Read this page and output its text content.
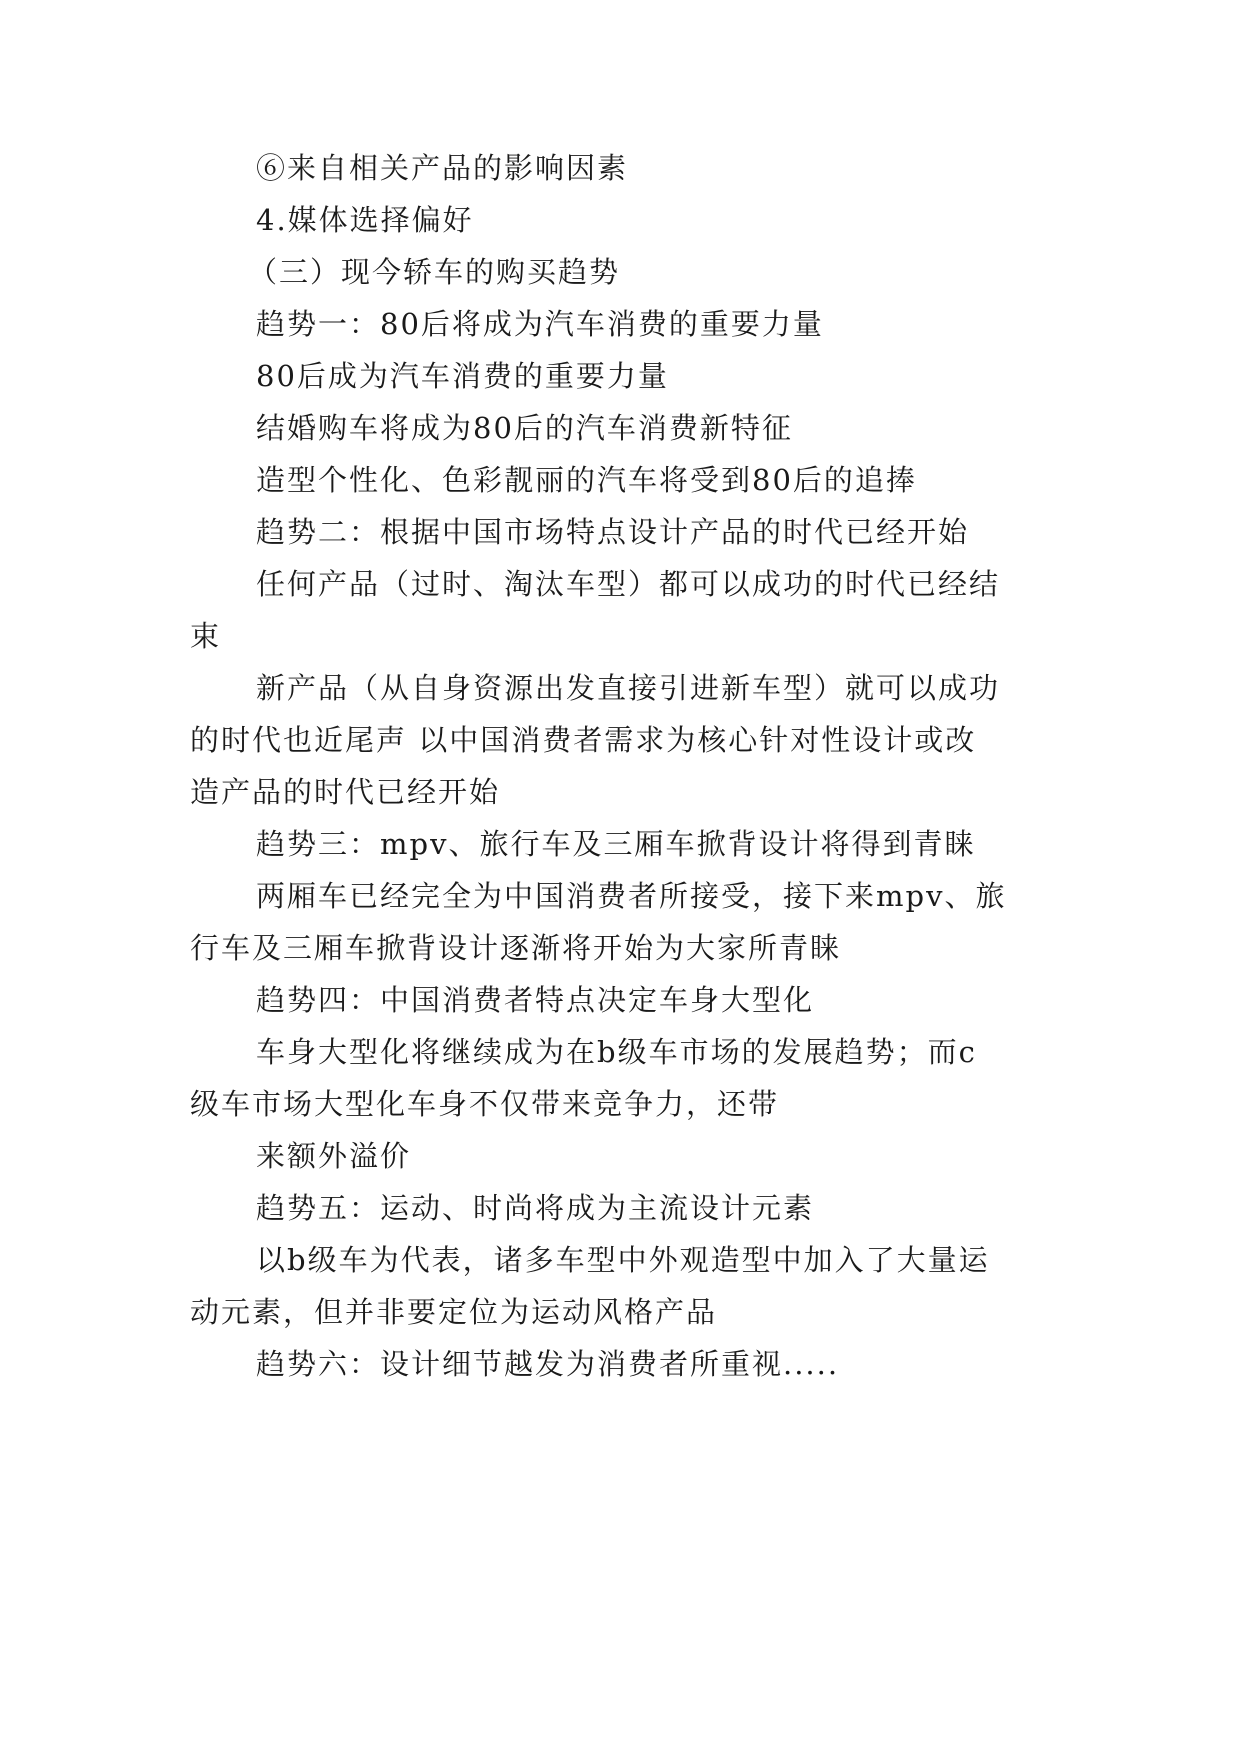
⑥来自相关产品的影响因素

4.媒体选择偏好

（三）现今轿车的购买趋势

趋势一：80后将成为汽车消费的重要力量

80后成为汽车消费的重要力量

结婚购车将成为80后的汽车消费新特征

造型个性化、色彩靓丽的汽车将受到80后的追捧

趋势二：根据中国市场特点设计产品的时代已经开始

任何产品（过时、淘汰车型）都可以成功的时代已经结

束

新产品（从自身资源出发直接引进新车型）就可以成功

的时代也近尾声 以中国消费者需求为核心针对性设计或改

造产品的时代已经开始

趋势三：mpv、旅行车及三厢车掀背设计将得到青睐

两厢车已经完全为中国消费者所接受，接下来mpv、旅

行车及三厢车掀背设计逐渐将开始为大家所青睐

趋势四：中国消费者特点决定车身大型化

车身大型化将继续成为在b级车市场的发展趋势；而c

级车市场大型化车身不仅带来竞争力，还带

来额外溢价

趋势五：运动、时尚将成为主流设计元素

以b级车为代表，诸多车型中外观造型中加入了大量运

动元素，但并非要定位为运动风格产品

趋势六：设计细节越发为消费者所重视.....
